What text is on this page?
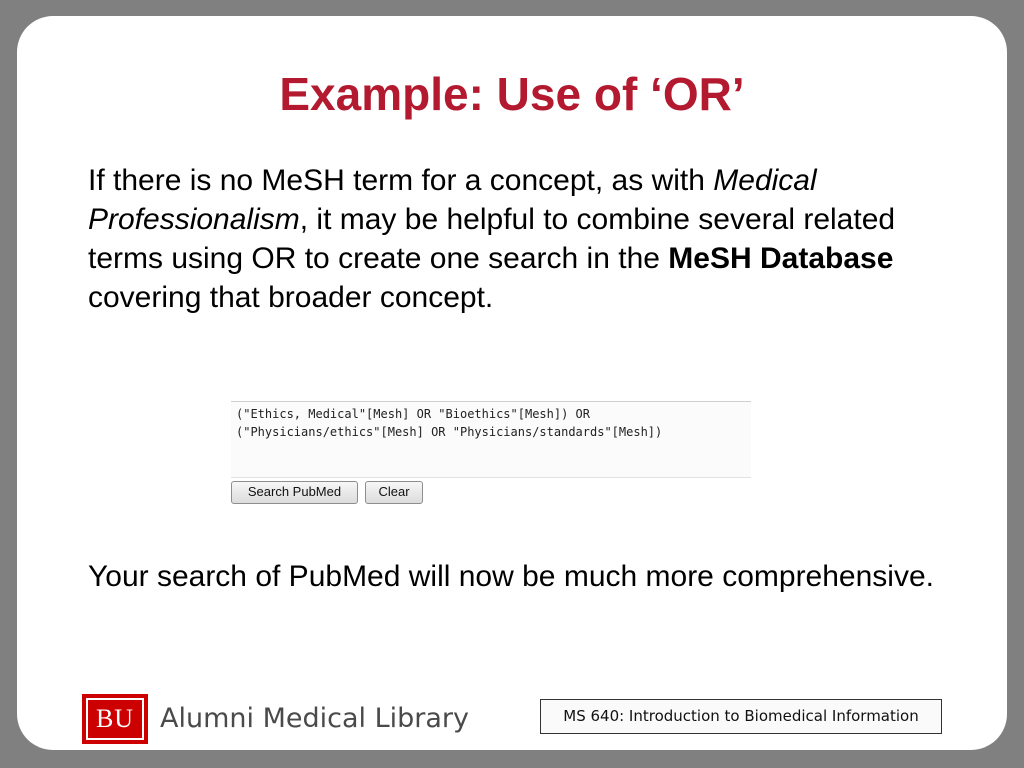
Example: Use of ‘OR’

If there is no MeSH term for a concept, as with Medical Professionalism, it may be helpful to combine several related terms using OR to create one search in the MeSH Database covering that broader concept.

("Ethics, Medical"[Mesh] OR "Bioethics"[Mesh]) OR
("Physicians/ethics"[Mesh] OR "Physicians/standards"[Mesh])
Search PubMed	Clear

Your search of PubMed will now be much more comprehensive.

BU Alumni Medical Library	MS 640: Introduction to Biomedical Information
